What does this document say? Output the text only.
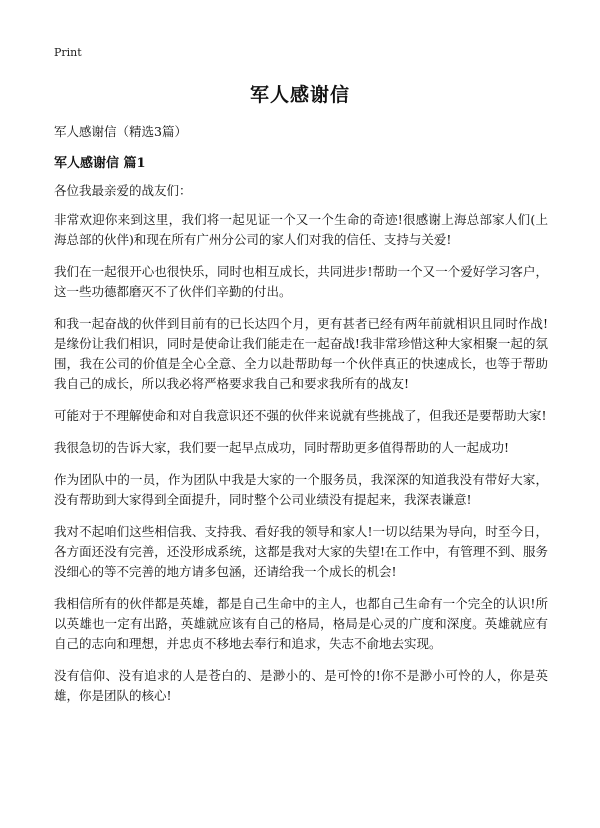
Print
军人感谢信
军人感谢信（精选3篇）
军人感谢信 篇1

各位我最亲爱的战友们：

非常欢迎你来到这里，我们将一起见证一个又一个生命的奇迹!很感谢上海总部家人们(上海总部的伙伴)和现在所有广州分公司的家人们对我的信任、支持与关爱!

我们在一起很开心也很快乐，同时也相互成长，共同进步!帮助一个又一个爱好学习客户，这一些功德都磨灭不了伙伴们辛勤的付出。

和我一起奋战的伙伴到目前有的已长达四个月，更有甚者已经有两年前就相识且同时作战!是缘份让我们相识，同时是使命让我们能走在一起奋战!我非常珍惜这种大家相聚一起的氛围，我在公司的价值是全心全意、全力以赴帮助每一个伙伴真正的快速成长，也等于帮助我自己的成长，所以我必将严格要求我自己和要求我所有的战友!

可能对于不理解使命和对自我意识还不强的伙伴来说就有些挑战了，但我还是要帮助大家!

我很急切的告诉大家，我们要一起早点成功，同时帮助更多值得帮助的人一起成功!

作为团队中的一员，作为团队中我是大家的一个服务员，我深深的知道我没有带好大家，没有帮助到大家得到全面提升，同时整个公司业绩没有提起来，我深表谦意!

我对不起咱们这些相信我、支持我、看好我的领导和家人!一切以结果为导向，时至今日，各方面还没有完善，还没形成系统，这都是我对大家的失望!在工作中，有管理不到、服务没细心的等不完善的地方请多包涵，还请给我一个成长的机会!

我相信所有的伙伴都是英雄，都是自己生命中的主人，也都自己生命有一个完全的认识!所以英雄也一定有出路，英雄就应该有自己的格局，格局是心灵的广度和深度。英雄就应有自己的志向和理想，并忠贞不移地去奉行和追求，失志不俞地去实现。

没有信仰、没有追求的人是苍白的、是渺小的、是可怜的!你不是渺小可怜的人，你是英雄，你是团队的核心!
